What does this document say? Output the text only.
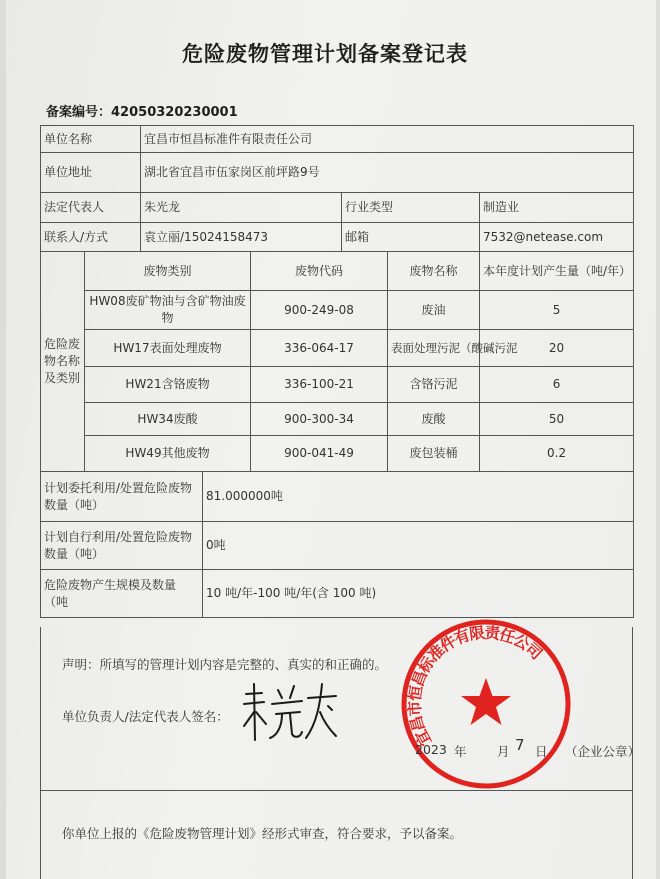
危险废物管理计划备案登记表
备案编号：42050320230001
单位名称		宜昌市恒昌标准件有限责任公司					
单位地址		湖北省宜昌市伍家岗区前坪路9号					
法定代表人		朱光龙			行业类型		制造业
联系人/方式		袁立丽/15024158473			邮箱		7532@netease.com
危险废物名称及类别	废物类别			废物代码		废物名称	本年度计划产生量（吨/年）
	HW08废矿物油与含矿物油废物			900-249-08		废油	5
	HW17表面处理废物			336-064-17		表面处理污泥（酸碱污泥	20
	HW21含铬废物			336-100-21		含铬污泥	6
	HW34废酸			900-300-34		废酸	50
	HW49其他废物			900-041-49		废包装桶	0.2
计划委托利用/处置危险废物数量（吨）			81.000000吨				
计划自行利用/处置危险废物数量（吨）			0吨				
危险废物产生规模及数量（吨			10 吨/年-100 吨/年(含 100 吨)				
声明：所填写的管理计划内容是完整的、真实的和正确的。
单位负责人/法定代表人签名：
宜昌市恒昌标准件有限责任公司
2023 年 月 7 日 （企业公章）
你单位上报的《危险废物管理计划》经形式审查，符合要求，予以备案。
